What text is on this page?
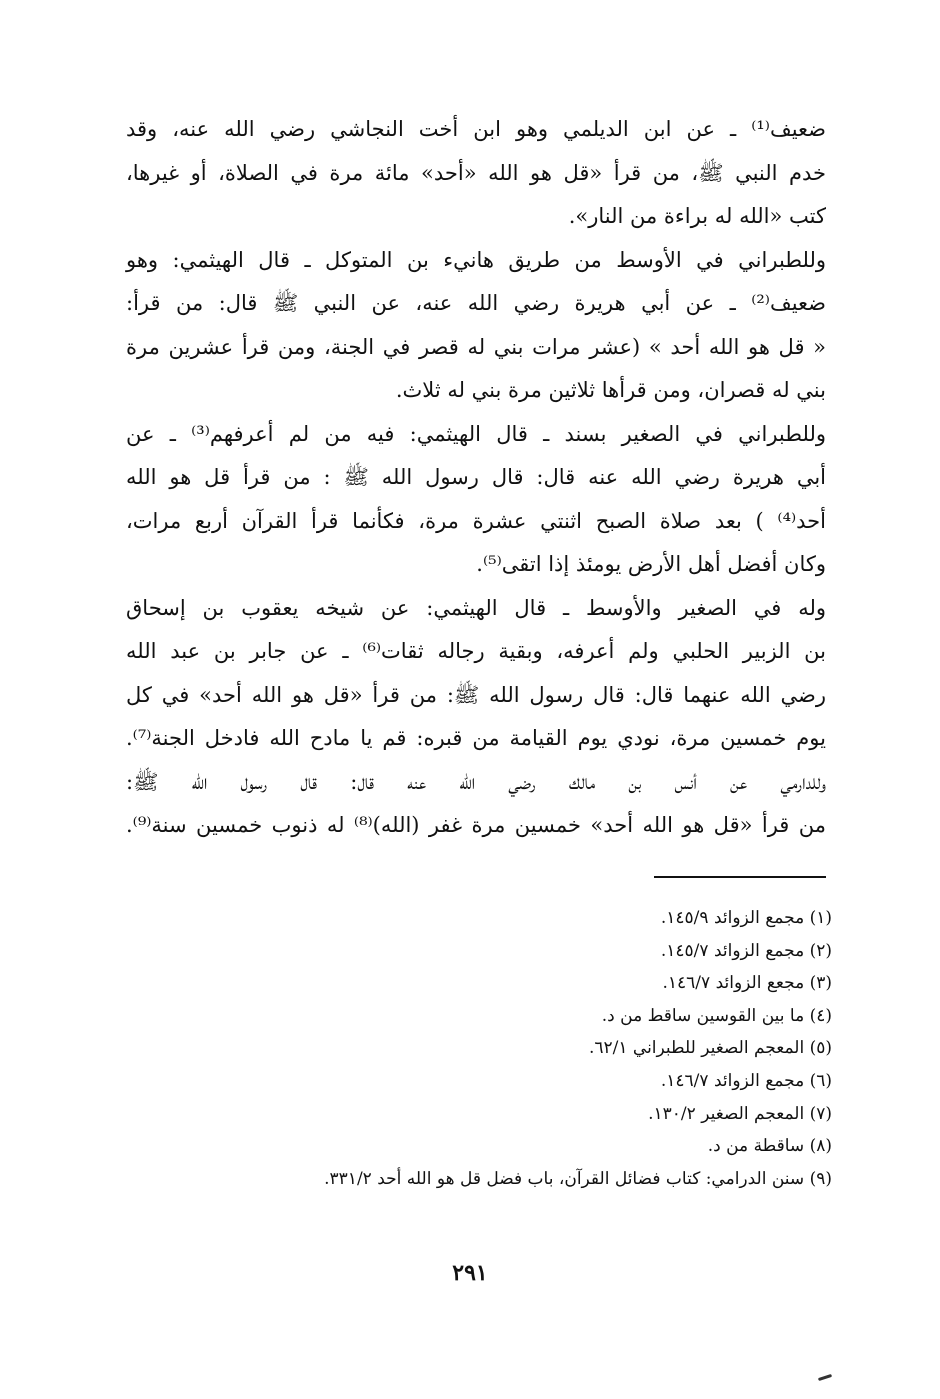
ضعيف⁽¹⁾ ـ عن ابن الديلمي وهو ابن أخت النجاشي رضي الله عنه، وقد
خدم النبي ﷺ، من قرأ «قل هو الله «أحد» مائة مرة في الصلاة، أو غيرها،
كتب «الله له براءة من النار».
وللطبراني في الأوسط من طريق هانيء بن المتوكل ـ قال الهيثمي: وهو
ضعيف⁽²⁾ ـ عن أبي هريرة رضي الله عنه، عن النبي ﷺ قال: من قرأ:
« قل هو الله أحد » (عشر مرات بني له قصر في الجنة، ومن قرأ عشرين مرة
بني له قصران، ومن قرأها ثلاثين مرة بني له ثلاث.
وللطبراني في الصغير بسند ـ قال الهيثمي: فيه من لم أعرفهم⁽³⁾ ـ عن
أبي هريرة رضي الله عنه قال: قال رسول الله ﷺ : من قرأ قل هو الله
أحد⁽⁴⁾ ) بعد صلاة الصبح اثنتي عشرة مرة، فكأنما قرأ القرآن أربع مرات،
وكان أفضل أهل الأرض يومئذ إذا اتقى⁽⁵⁾.
وله في الصغير والأوسط ـ قال الهيثمي: عن شيخه يعقوب بن إسحاق
بن الزبير الحلبي ولم أعرفه، وبقية رجاله ثقات⁽⁶⁾ ـ عن جابر بن عبد الله
رضي الله عنهما قال: قال رسول الله ﷺ: من قرأ «قل هو الله أحد» في كل
يوم خمسين مرة، نودي يوم القيامة من قبره: قم يا مادح الله فادخل الجنة⁽⁷⁾.
وللدارمي عن أنس بن مالك رضي الله عنه قال: قال رسول الله ﷺ:
من قرأ «قل هو الله أحد» خمسين مرة غفر (الله)⁽⁸⁾ له ذنوب خمسين سنة⁽⁹⁾.
(١) مجمع الزوائد ١٤٥/٩.
(٢) مجمع الزوائد ١٤٥/٧.
(٣) مجعع الزوائد ١٤٦/٧.
(٤) ما بين القوسين ساقط من د.
(٥) المعجم الصغير للطبراني ٦٢/١.
(٦) مجمع الزوائد ١٤٦/٧.
(٧) المعجم الصغير ١٣٠/٢.
(٨) ساقطة من د.
(٩) سنن الدرامي: كتاب فضائل القرآن، باب فضل قل هو الله أحد ٣٣١/٢.
٢٩١
